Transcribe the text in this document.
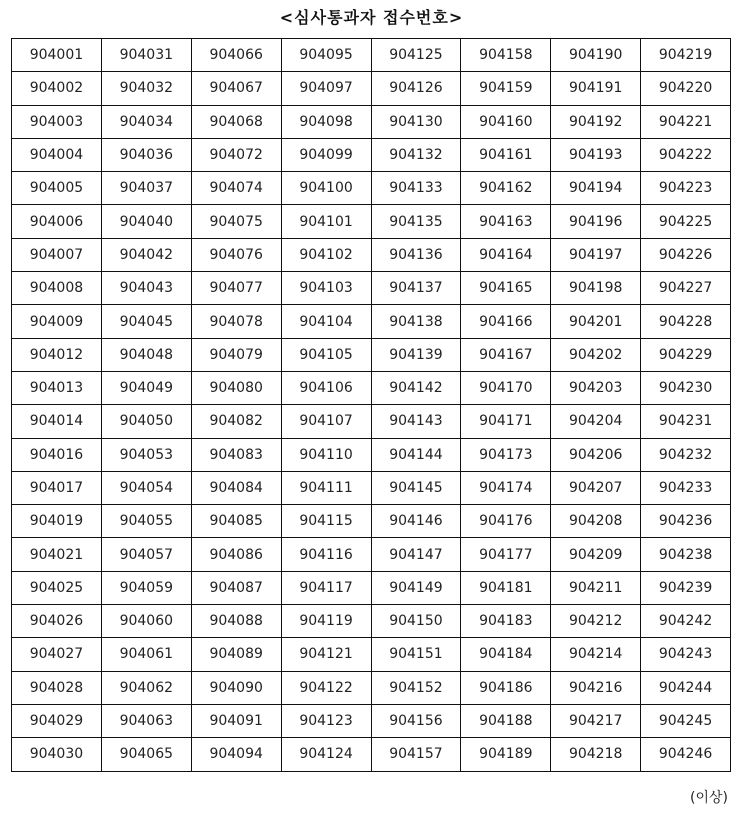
<심사통과자 접수번호>
904001	904031	904066	904095	904125	904158	904190	904219
904002	904032	904067	904097	904126	904159	904191	904220
904003	904034	904068	904098	904130	904160	904192	904221
904004	904036	904072	904099	904132	904161	904193	904222
904005	904037	904074	904100	904133	904162	904194	904223
904006	904040	904075	904101	904135	904163	904196	904225
904007	904042	904076	904102	904136	904164	904197	904226
904008	904043	904077	904103	904137	904165	904198	904227
904009	904045	904078	904104	904138	904166	904201	904228
904012	904048	904079	904105	904139	904167	904202	904229
904013	904049	904080	904106	904142	904170	904203	904230
904014	904050	904082	904107	904143	904171	904204	904231
904016	904053	904083	904110	904144	904173	904206	904232
904017	904054	904084	904111	904145	904174	904207	904233
904019	904055	904085	904115	904146	904176	904208	904236
904021	904057	904086	904116	904147	904177	904209	904238
904025	904059	904087	904117	904149	904181	904211	904239
904026	904060	904088	904119	904150	904183	904212	904242
904027	904061	904089	904121	904151	904184	904214	904243
904028	904062	904090	904122	904152	904186	904216	904244
904029	904063	904091	904123	904156	904188	904217	904245
904030	904065	904094	904124	904157	904189	904218	904246
(이상)
